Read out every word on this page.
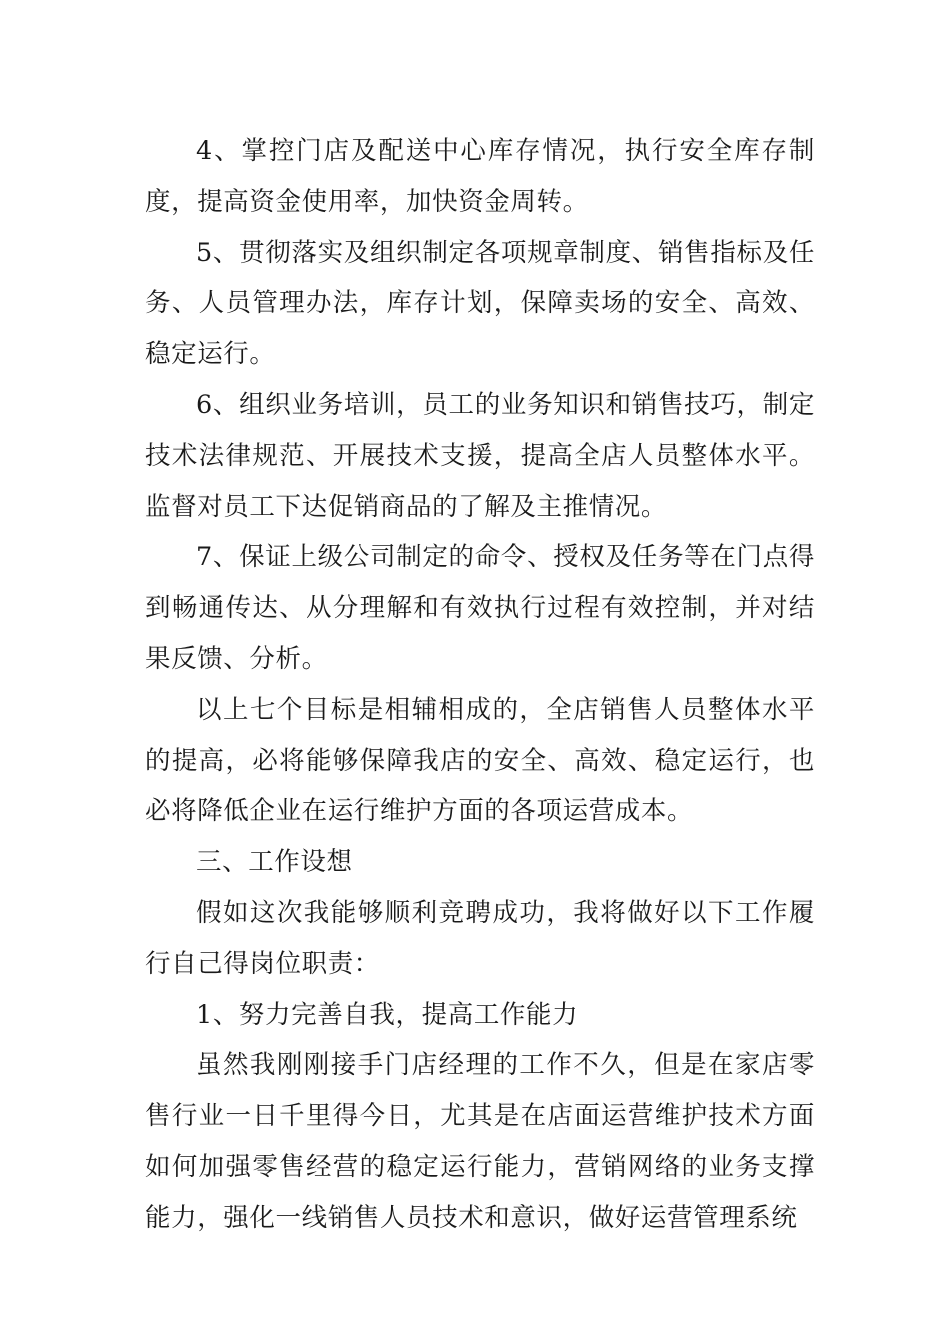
4、掌控门店及配送中心库存情况，执行安全库存制度，提高资金使用率，加快资金周转。

5、贯彻落实及组织制定各项规章制度、销售指标及任务、人员管理办法，库存计划，保障卖场的安全、高效、稳定运行。

6、组织业务培训，员工的业务知识和销售技巧，制定技术法律规范、开展技术支援，提高全店人员整体水平。监督对员工下达促销商品的了解及主推情况。

7、保证上级公司制定的命令、授权及任务等在门点得到畅通传达、从分理解和有效执行过程有效控制，并对结果反馈、分析。

以上七个目标是相辅相成的，全店销售人员整体水平的提高，必将能够保障我店的安全、高效、稳定运行，也必将降低企业在运行维护方面的各项运营成本。

三、工作设想

假如这次我能够顺利竞聘成功，我将做好以下工作履行自己得岗位职责：

1、努力完善自我，提高工作能力

虽然我刚刚接手门店经理的工作不久，但是在家店零售行业一日千里得今日，尤其是在店面运营维护技术方面如何加强零售经营的稳定运行能力，营销网络的业务支撑能力，强化一线销售人员技术和意识，做好运营管理系统
